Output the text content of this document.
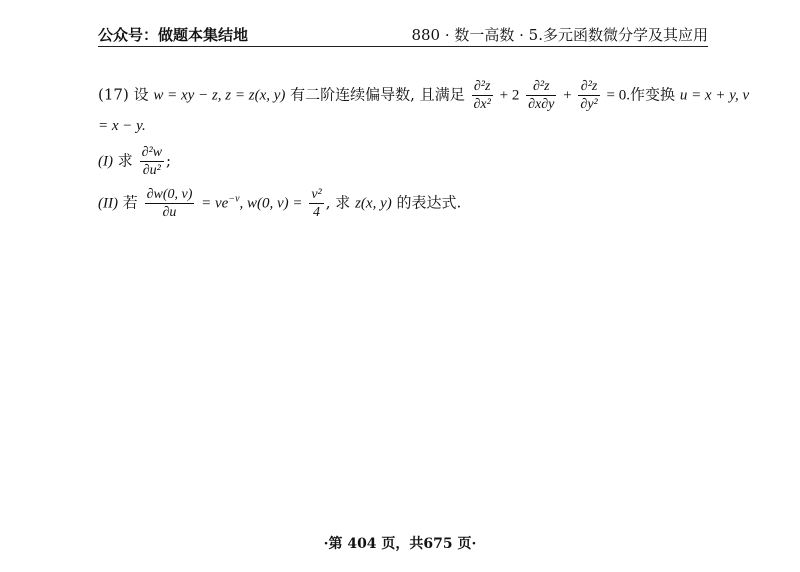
公众号：做题本集结地	880 · 数一高数 · 5.多元函数微分学及其应用
(17) 设 w = xy − z, z = z(x, y) 有二阶连续偏导数, 且满足 $\frac{\text{∂²z}}{\text{∂x²}} + 2 \frac{\text{∂²z}}{\partial x\partial y} + \frac{\text{∂²z}}{\text{∂y²}} = 0$.作变换 u = x + y, v
= x − y.
(I) 求 $\frac{\text{∂²w}}{\text{∂u²}}$ ;
(II) 若 $\frac{\partial w(0, v)}{\partial u} = ve^{-v}$, w(0, $v) = \frac{\text{v²}}{4}$ , 求 z(x, y) 的表达式.
·第 404 页，共675 页·
